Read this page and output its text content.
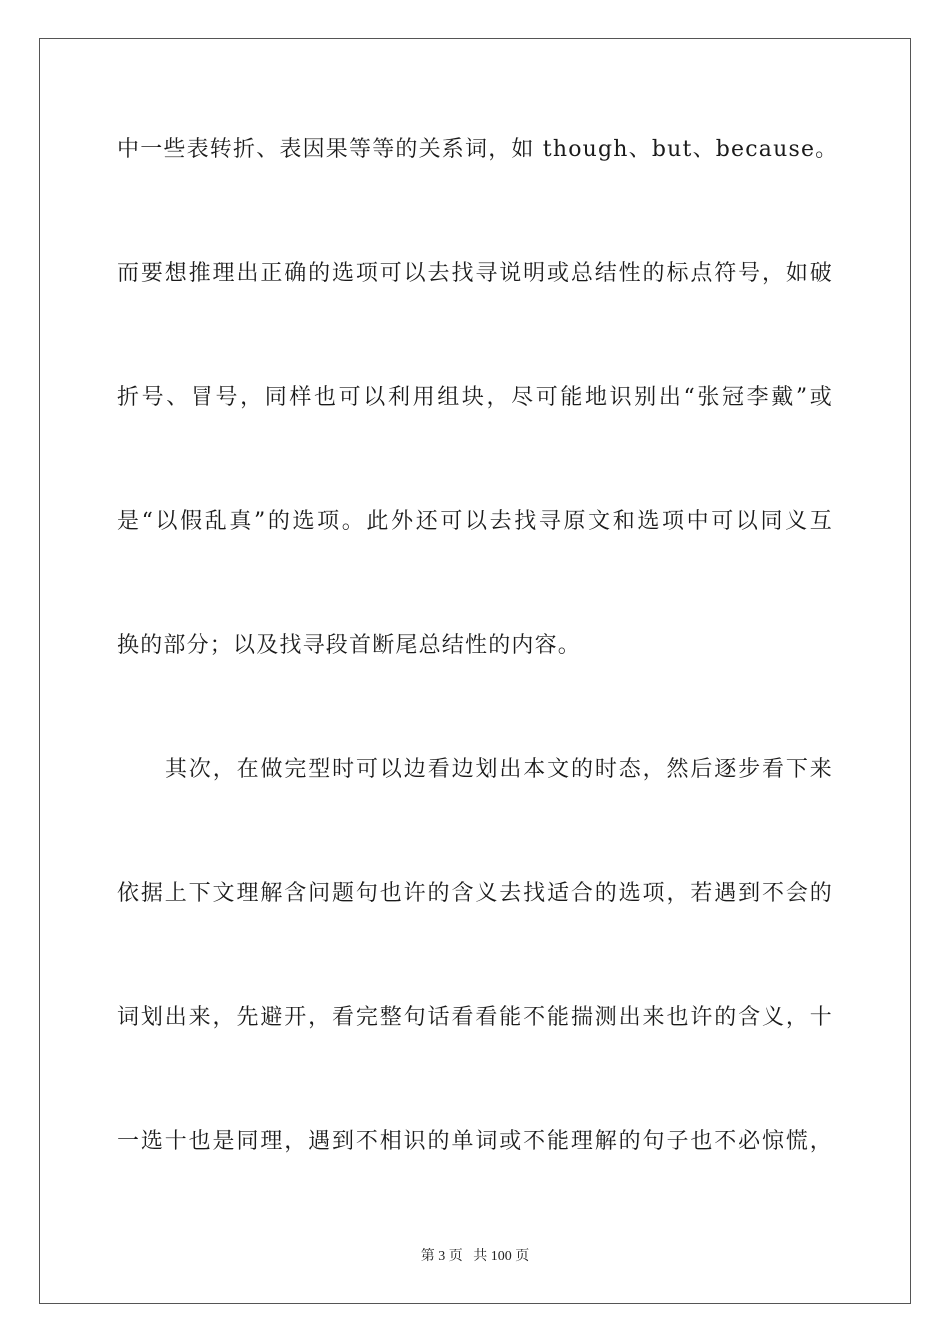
中一些表转折、表因果等等的关系词，如 though、but、because。
而要想推理出正确的选项可以去找寻说明或总结性的标点符号，如破
折号、冒号，同样也可以利用组块，尽可能地识别出“张冠李戴”或
是“以假乱真”的选项。此外还可以去找寻原文和选项中可以同义互
换的部分；以及找寻段首断尾总结性的内容。
其次，在做完型时可以边看边划出本文的时态，然后逐步看下来
依据上下文理解含问题句也许的含义去找适合的选项，若遇到不会的
词划出来，先避开，看完整句话看看能不能揣测出来也许的含义，十
一选十也是同理，遇到不相识的单词或不能理解的句子也不必惊慌，
第 3 页 共 100 页
